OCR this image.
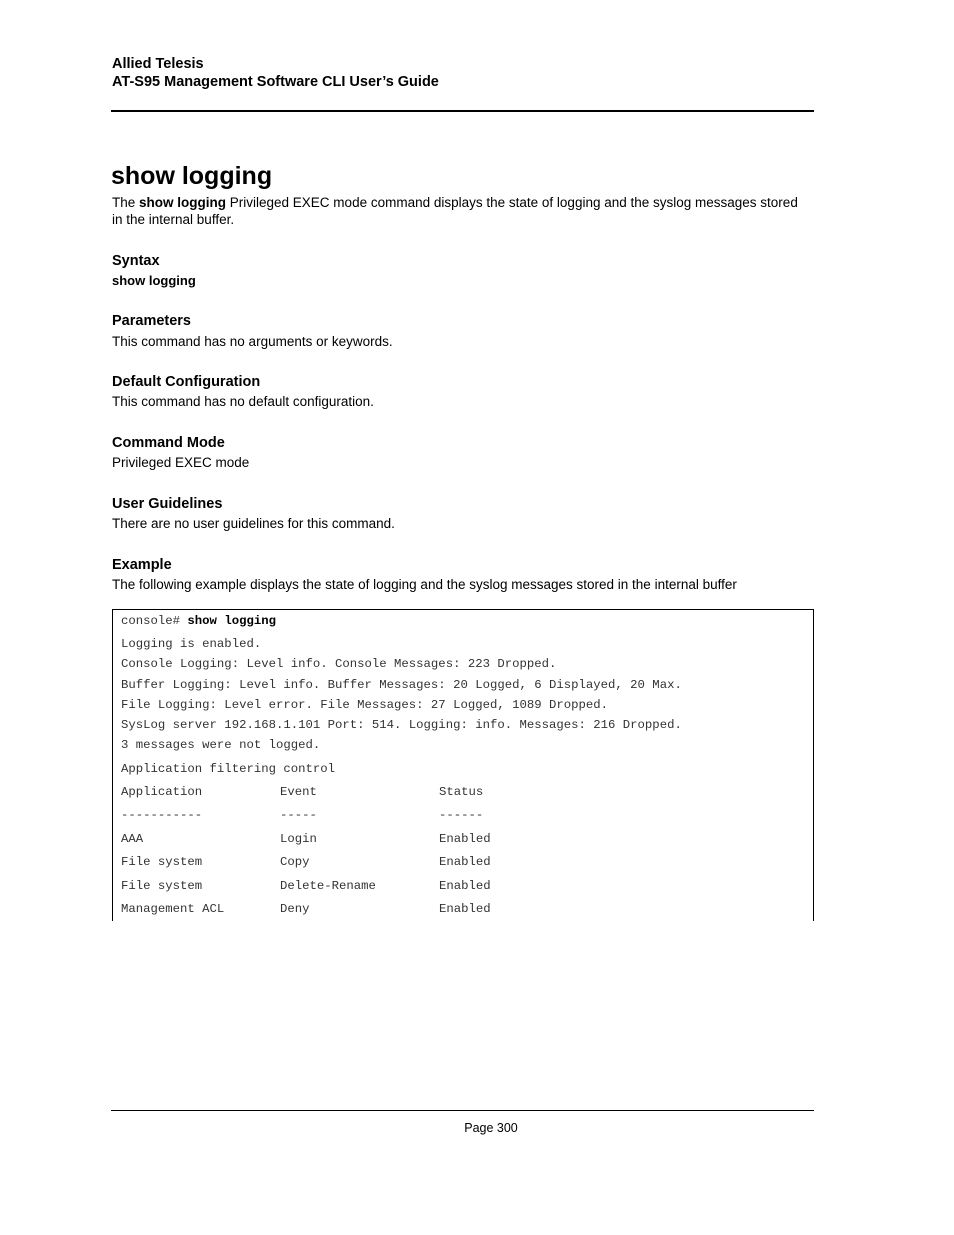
Allied Telesis
AT-S95 Management Software CLI User’s Guide
show logging
The show logging Privileged EXEC mode command displays the state of logging and the syslog messages stored in the internal buffer.
Syntax
show logging
Parameters
This command has no arguments or keywords.
Default Configuration
This command has no default configuration.
Command Mode
Privileged EXEC mode
User Guidelines
There are no user guidelines for this command.
Example
The following example displays the state of logging and the syslog messages stored in the internal buffer
console# show logging
Logging is enabled.
Console Logging: Level info. Console Messages: 223 Dropped.
Buffer Logging: Level info. Buffer Messages: 20 Logged, 6 Displayed, 20 Max.
File Logging: Level error. File Messages: 27 Logged, 1089 Dropped.
SysLog server 192.168.1.101 Port: 514. Logging: info. Messages: 216 Dropped.
3 messages were not logged.
Application filtering control
Application	Event	Status
-----------	-----	------
AAA	Login	Enabled
File system	Copy	Enabled
File system	Delete-Rename	Enabled
Management ACL	Deny	Enabled
Page 300
